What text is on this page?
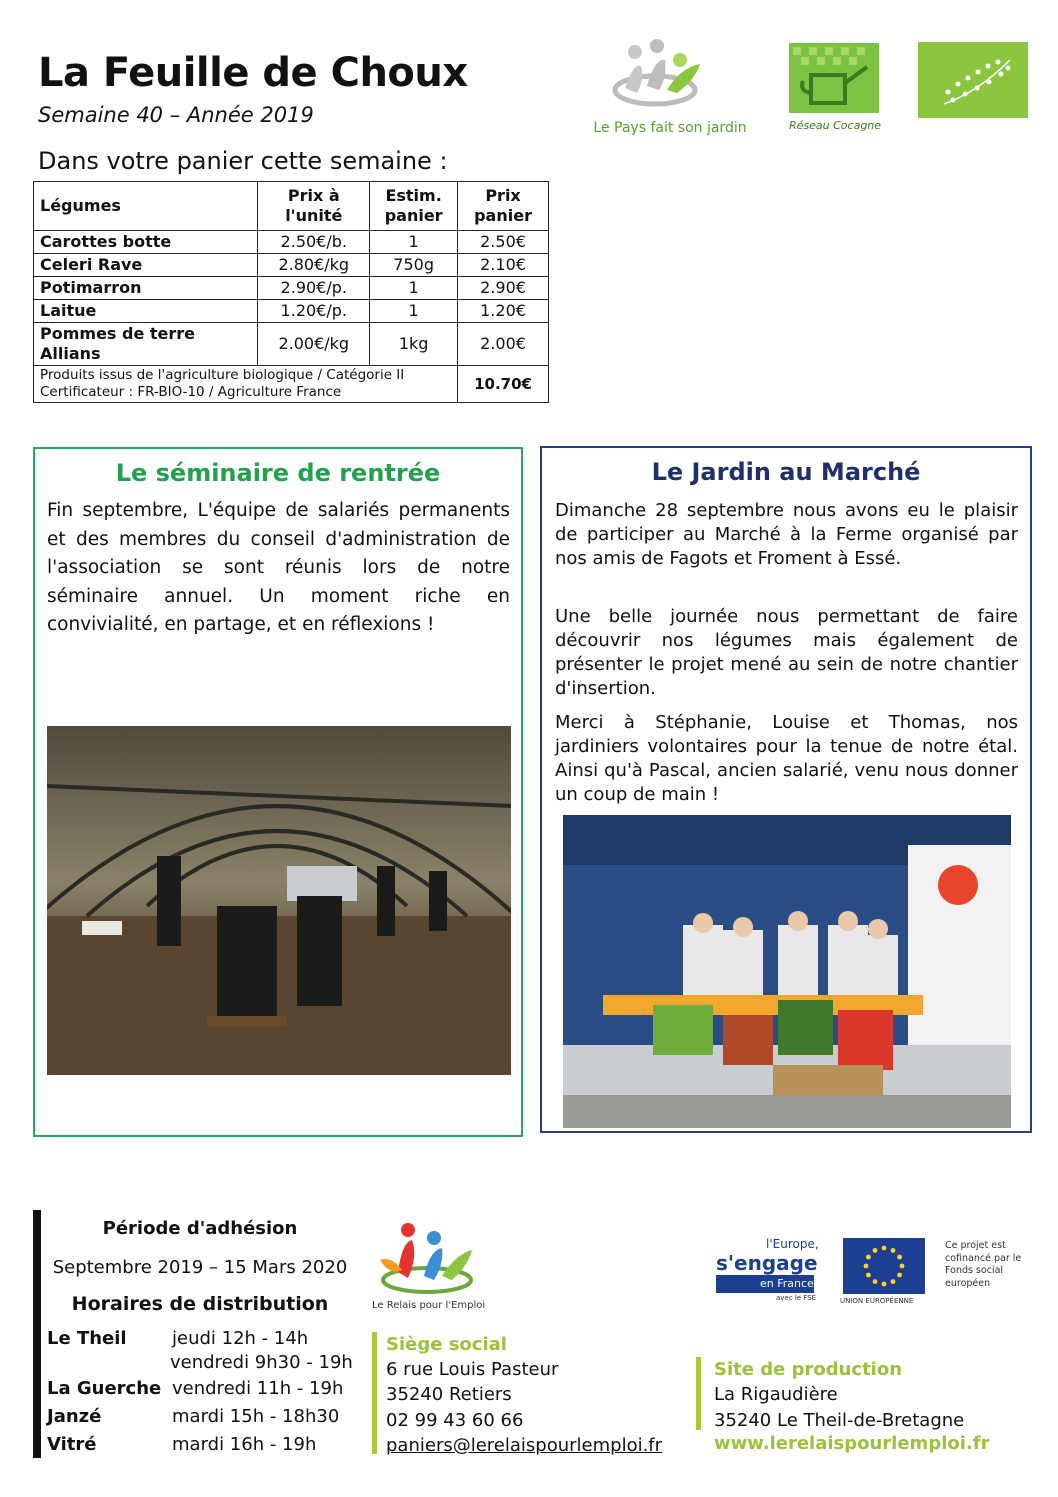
La Feuille de Choux
Semaine 40 – Année 2019
Dans votre panier cette semaine :
Le Pays fait son jardin	Réseau Cocagne
Légumes	Prix à l'unité	Estim. panier	Prix panier
Carottes botte	2.50€/b.	1	2.50€
Celeri Rave	2.80€/kg	750g	2.10€
Potimarron	2.90€/p.	1	2.90€
Laitue	1.20€/p.	1	1.20€
Pommes de terre Allians	2.00€/kg	1kg	2.00€

Produits issus de l'agriculture biologique / Catégorie II
Certificateur : FR-BIO-10 / Agriculture France			10.70€
Le séminaire de rentrée
Fin septembre, L'équipe de salariés permanents et des membres du conseil d'administration de l'association se sont réunis lors de notre séminaire annuel. Un moment riche en convivialité, en partage, et en réflexions !
Le Jardin au Marché
Dimanche 28 septembre nous avons eu le plaisir de participer au Marché à la Ferme organisé par nos amis de Fagots et Froment à Essé.
Une belle journée nous permettant de faire découvrir nos légumes mais également de présenter le projet mené au sein de notre chantier d'insertion.
Merci à Stéphanie, Louise et Thomas, nos jardiniers volontaires pour la tenue de notre étal. Ainsi qu'à Pascal, ancien salarié, venu nous donner un coup de main !
Période d'adhésion
Septembre 2019 – 15 Mars 2020
Horaires de distribution
Le Theil	jeudi 12h - 14h
vendredi 9h30 - 19h
La Guerche vendredi 11h - 19h
Janzé	mardi 15h - 18h30
Vitré	mardi 16h - 19h
Le Relais pour l'Emploi
Siège social
6 rue Louis Pasteur
35240 Retiers
02 99 43 60 66
paniers@lerelaispourlemploi.fr
Site de production
La Rigaudière
35240 Le Theil-de-Bretagne
www.lerelaispourlemploi.fr
l'Europe,
s'engage
en France
avec le FSE	UNION EUROPÉENNE
Ce projet est cofinancé par le Fonds social européen
